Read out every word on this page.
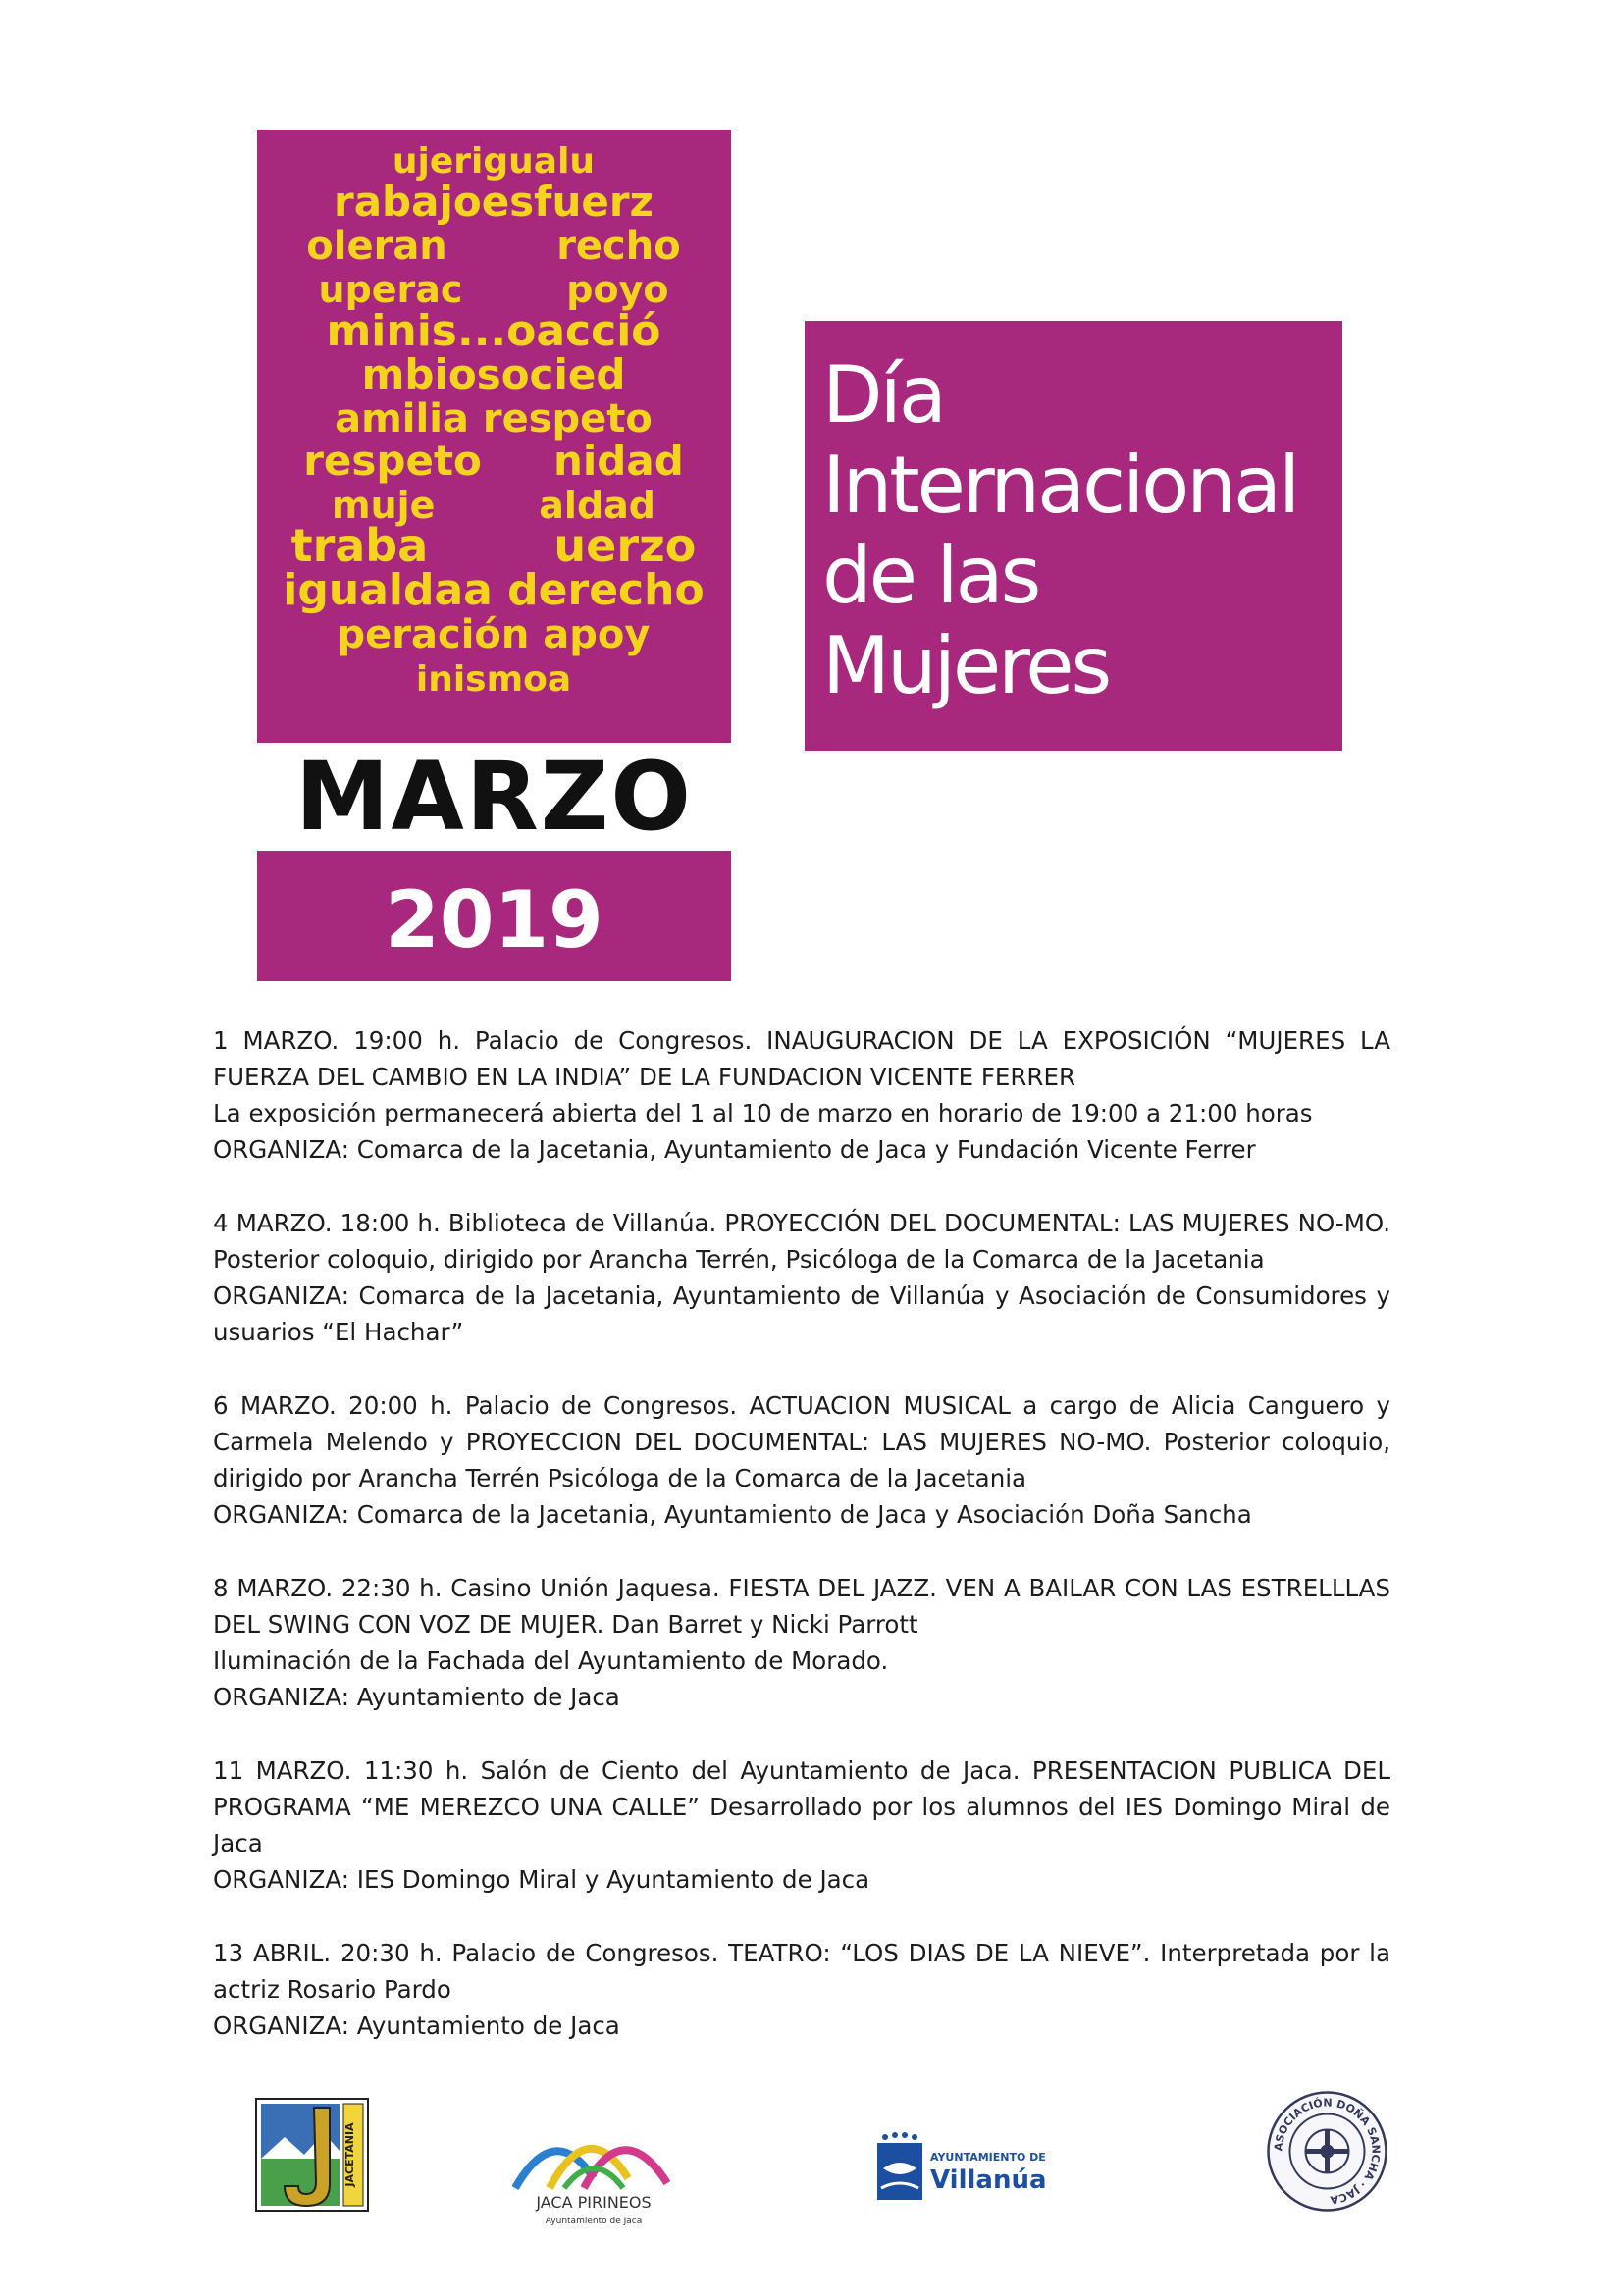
ujerigualu
rabajoesfuerz
oleran        recho
uperac        poyo
minis...oacció
mbiosocied
amilia respeto
respeto     nidad
muje        aldad
traba        uerzo
igualdaa derecho
peración apoy
inismoa
MARZO
2019
Día
Internacional
de las
Mujeres

1 MARZO. 19:00 h. Palacio de Congresos. INAUGURACION DE LA EXPOSICIÓN “MUJERES LA FUERZA DEL CAMBIO EN LA INDIA” DE LA FUNDACION VICENTE FERRER

La exposición permanecerá abierta del 1 al 10 de marzo en horario de 19:00 a 21:00 horas

ORGANIZA: Comarca de la Jacetania, Ayuntamiento de Jaca y Fundación Vicente Ferrer

4 MARZO. 18:00 h. Biblioteca de Villanúa. PROYECCIÓN DEL DOCUMENTAL: LAS MUJERES NO-MO. Posterior coloquio, dirigido por Arancha Terrén, Psicóloga de la Comarca de la Jacetania

ORGANIZA: Comarca de la Jacetania, Ayuntamiento de Villanúa y Asociación de Consumidores y usuarios “El Hachar”

6 MARZO. 20:00 h. Palacio de Congresos. ACTUACION MUSICAL a cargo de Alicia Canguero y Carmela Melendo y PROYECCION DEL DOCUMENTAL: LAS MUJERES NO-MO. Posterior coloquio, dirigido por Arancha Terrén Psicóloga de la Comarca de la Jacetania

ORGANIZA: Comarca de la Jacetania, Ayuntamiento de Jaca y Asociación Doña Sancha

8 MARZO. 22:30 h. Casino Unión Jaquesa. FIESTA DEL JAZZ. VEN A BAILAR CON LAS ESTRELLLAS DEL SWING CON VOZ DE MUJER. Dan Barret y Nicki Parrott

Iluminación de la Fachada del Ayuntamiento de Morado.

ORGANIZA: Ayuntamiento de Jaca

11 MARZO. 11:30 h. Salón de Ciento del Ayuntamiento de Jaca. PRESENTACION PUBLICA DEL PROGRAMA “ME MEREZCO UNA CALLE” Desarrollado por los alumnos del IES Domingo Miral de Jaca

ORGANIZA: IES Domingo Miral y Ayuntamiento de Jaca

13 ABRIL. 20:30 h. Palacio de Congresos. TEATRO: “LOS DIAS DE LA NIEVE”. Interpretada por la actriz Rosario Pardo

ORGANIZA: Ayuntamiento de Jaca

JACETANIA
JACA PIRINEOS
Ayuntamiento de Jaca
AYUNTAMIENTO DE
Villanúa
ASOCIACIÓN DOÑA SANCHA · JACA
